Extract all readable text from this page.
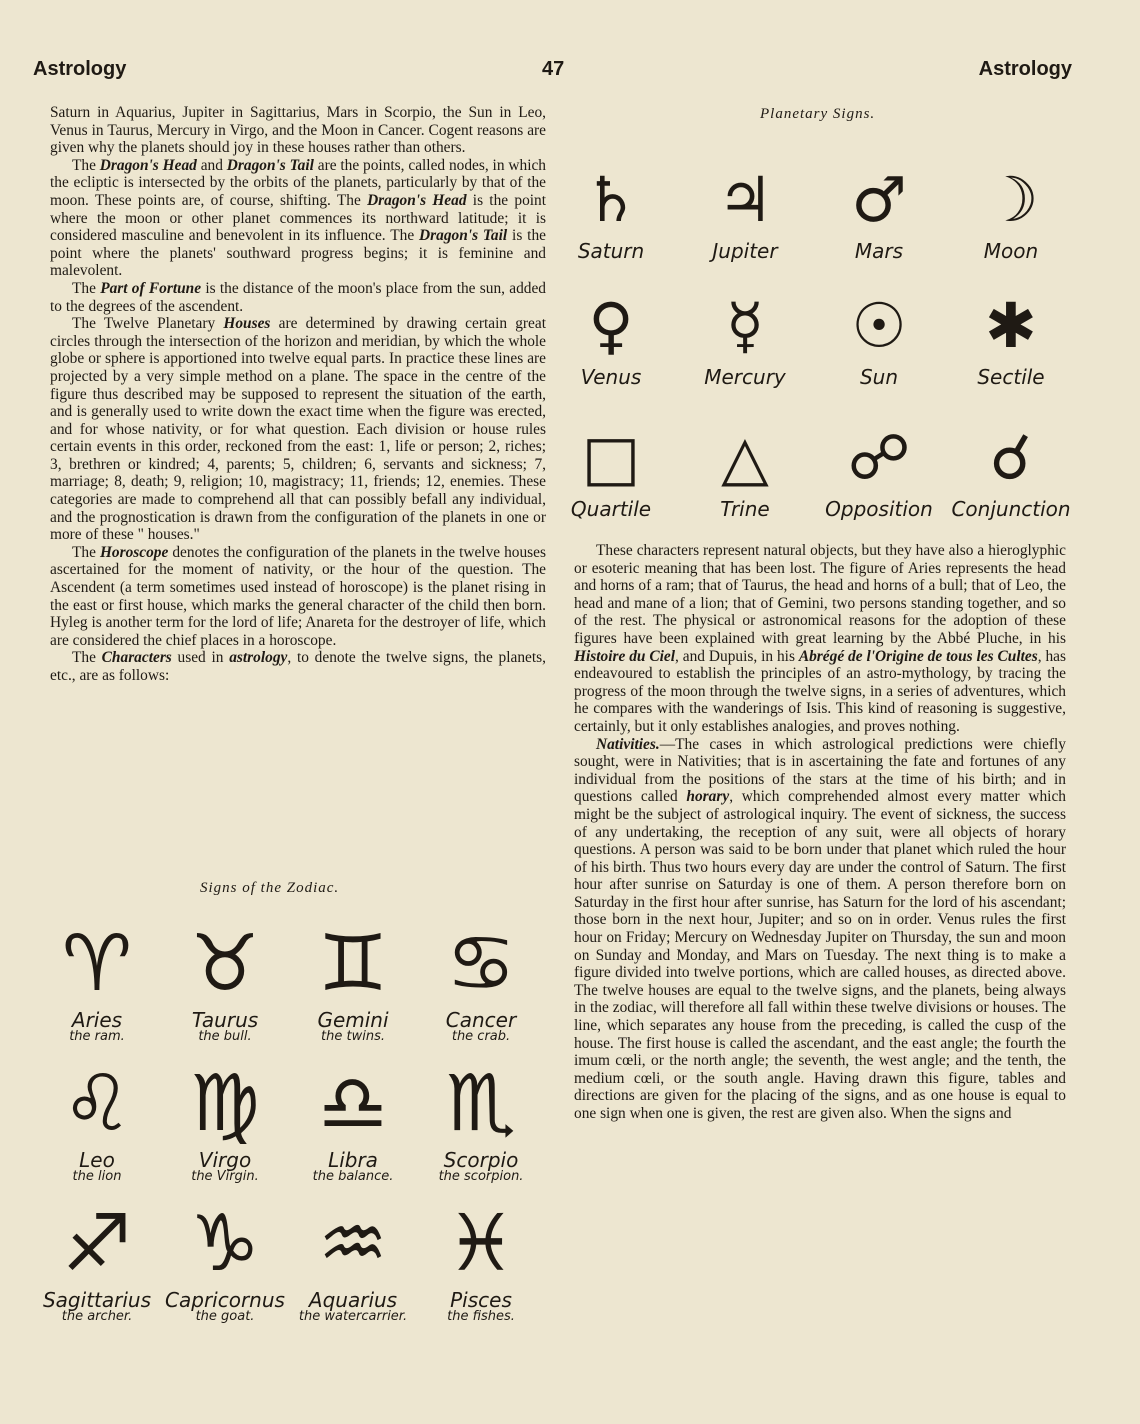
Astrology	47	Astrology

Saturn in Aquarius, Jupiter in Sagittarius, Mars in Scorpio, the Sun in Leo, Venus in Taurus, Mercury in Virgo, and the Moon in Cancer. Cogent reasons are given why the planets should joy in these houses rather than others.

The Dragon's Head and Dragon's Tail are the points, called nodes, in which the ecliptic is intersected by the orbits of the planets, particularly by that of the moon. These points are, of course, shifting. The Dragon's Head is the point where the moon or other planet commences its northward latitude; it is considered masculine and benevolent in its influence. The Dragon's Tail is the point where the planets' southward progress begins; it is feminine and malevolent.

The Part of Fortune is the distance of the moon's place from the sun, added to the degrees of the ascendent.

The Twelve Planetary Houses are determined by drawing certain great circles through the intersection of the horizon and meridian, by which the whole globe or sphere is apportioned into twelve equal parts. In practice these lines are projected by a very simple method on a plane. The space in the centre of the figure thus described may be supposed to represent the situation of the earth, and is generally used to write down the exact time when the figure was erected, and for whose nativity, or for what question. Each division or house rules certain events in this order, reckoned from the east: 1, life or person; 2, riches; 3, brethren or kindred; 4, parents; 5, children; 6, servants and sickness; 7, marriage; 8, death; 9, religion; 10, magistracy; 11, friends; 12, enemies. These categories are made to comprehend all that can possibly befall any individual, and the prognostication is drawn from the configuration of the planets in one or more of these " houses."

The Horoscope denotes the configuration of the planets in the twelve houses ascertained for the moment of nativity, or the hour of the question. The Ascendent (a term sometimes used instead of horoscope) is the planet rising in the east or first house, which marks the general character of the child then born. Hyleg is another term for the lord of life; Anareta for the destroyer of life, which are considered the chief places in a horoscope.

The Characters used in astrology, to denote the twelve signs, the planets, etc., are as follows:

Signs of the Zodiac.
♈
Aries
the ram.
♉
Taurus
the bull.
♊
Gemini
the twins.
♋
Cancer
the crab.
♌
Leo
the lion
♍
Virgo
the Virgin.
♎
Libra
the balance.
♏
Scorpio
the scorpion.
♐
Sagittarius
the archer.
♑
Capricornus
the goat.
♒
Aquarius
the watercarrier.
♓
Pisces
the fishes.
Planetary Signs.
♄
Saturn
♃
Jupiter
♂
Mars
☽
Moon
♀
Venus
☿
Mercury
☉
Sun
✱
Sectile
□
Quartile
△
Trine
☍
Opposition
☌
Conjunction

These characters represent natural objects, but they have also a hieroglyphic or esoteric meaning that has been lost. The figure of Aries represents the head and horns of a ram; that of Taurus, the head and horns of a bull; that of Leo, the head and mane of a lion; that of Gemini, two persons standing together, and so of the rest. The physical or astronomical reasons for the adoption of these figures have been explained with great learning by the Abbé Pluche, in his Histoire du Ciel, and Dupuis, in his Abrégé de l'Origine de tous les Cultes, has endeavoured to establish the principles of an astro-mythology, by tracing the progress of the moon through the twelve signs, in a series of adventures, which he compares with the wanderings of Isis. This kind of reasoning is suggestive, certainly, but it only establishes analogies, and proves nothing.

Nativities.—The cases in which astrological predictions were chiefly sought, were in Nativities; that is in ascertaining the fate and fortunes of any individual from the positions of the stars at the time of his birth; and in questions called horary, which comprehended almost every matter which might be the subject of astrological inquiry. The event of sickness, the success of any undertaking, the reception of any suit, were all objects of horary questions. A person was said to be born under that planet which ruled the hour of his birth. Thus two hours every day are under the control of Saturn. The first hour after sunrise on Saturday is one of them. A person therefore born on Saturday in the first hour after sunrise, has Saturn for the lord of his ascendant; those born in the next hour, Jupiter; and so on in order. Venus rules the first hour on Friday; Mercury on Wednesday Jupiter on Thursday, the sun and moon on Sunday and Monday, and Mars on Tuesday. The next thing is to make a figure divided into twelve portions, which are called houses, as directed above. The twelve houses are equal to the twelve signs, and the planets, being always in the zodiac, will therefore all fall within these twelve divisions or houses. The line, which separates any house from the preceding, is called the cusp of the house. The first house is called the ascendant, and the east angle; the fourth the imum cœli, or the north angle; the seventh, the west angle; and the tenth, the medium cœli, or the south angle. Having drawn this figure, tables and directions are given for the placing of the signs, and as one house is equal to one sign when one is given, the rest are given also. When the signs and
